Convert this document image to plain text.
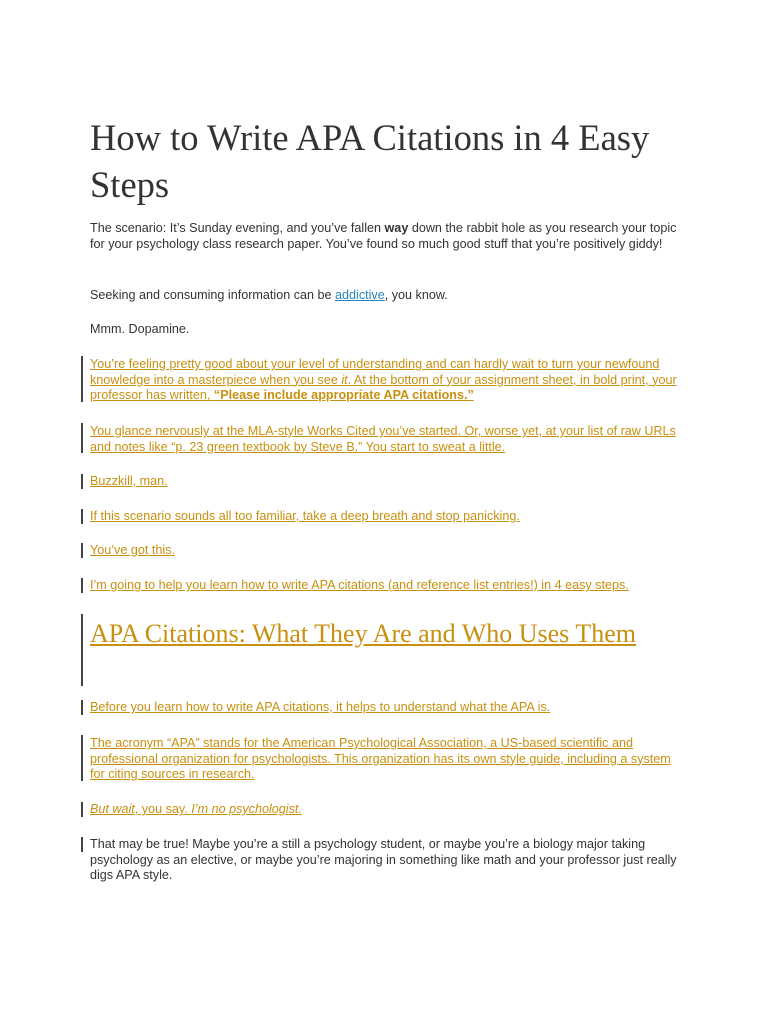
How to Write APA Citations in 4 Easy Steps

The scenario: It’s Sunday evening, and you’ve fallen way down the rabbit hole as you research your topic for your psychology class research paper. You’ve found so much good stuff that you’re positively giddy!

Seeking and consuming information can be addictive, you know.

Mmm. Dopamine.

You’re feeling pretty good about your level of understanding and can hardly wait to turn your newfound knowledge into a masterpiece when you see it. At the bottom of your assignment sheet, in bold print, your professor has written, “Please include appropriate APA citations.”

You glance nervously at the MLA-style Works Cited you’ve started. Or, worse yet, at your list of raw URLs and notes like “p. 23 green textbook by Steve B.” You start to sweat a little.

Buzzkill, man.

If this scenario sounds all too familiar, take a deep breath and stop panicking.

You’ve got this.

I’m going to help you learn how to write APA citations (and reference list entries!) in 4 easy steps.

APA Citations: What They Are and Who Uses Them

Before you learn how to write APA citations, it helps to understand what the APA is.

The acronym “APA” stands for the American Psychological Association, a US-based scientific and professional organization for psychologists. This organization has its own style guide, including a system for citing sources in research.

But wait, you say. I’m no psychologist.

That may be true! Maybe you’re a still a psychology student, or maybe you’re a biology major taking psychology as an elective, or maybe you’re majoring in something like math and your professor just really digs APA style.
